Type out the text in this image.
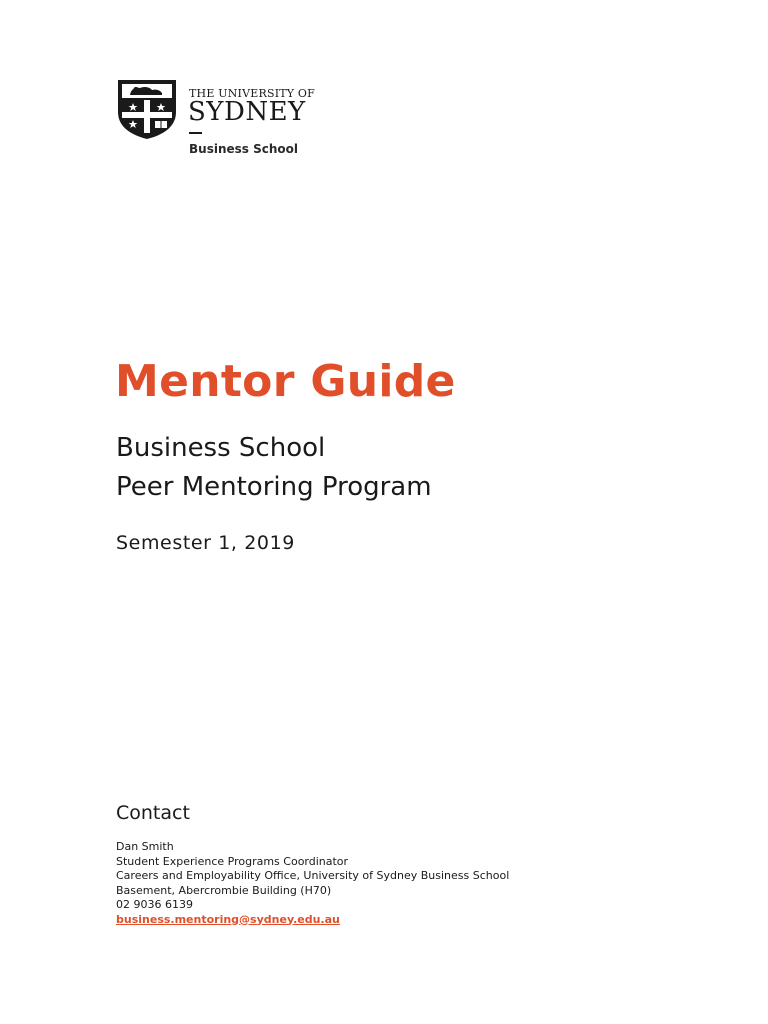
THE UNIVERSITY OF
SYDNEY
Business School
Mentor Guide
Business School
Peer Mentoring Program
Semester 1, 2019
Contact
Dan Smith
Student Experience Programs Coordinator
Careers and Employability Office, University of Sydney Business School
Basement, Abercrombie Building (H70)
02 9036 6139
business.mentoring@sydney.edu.au
